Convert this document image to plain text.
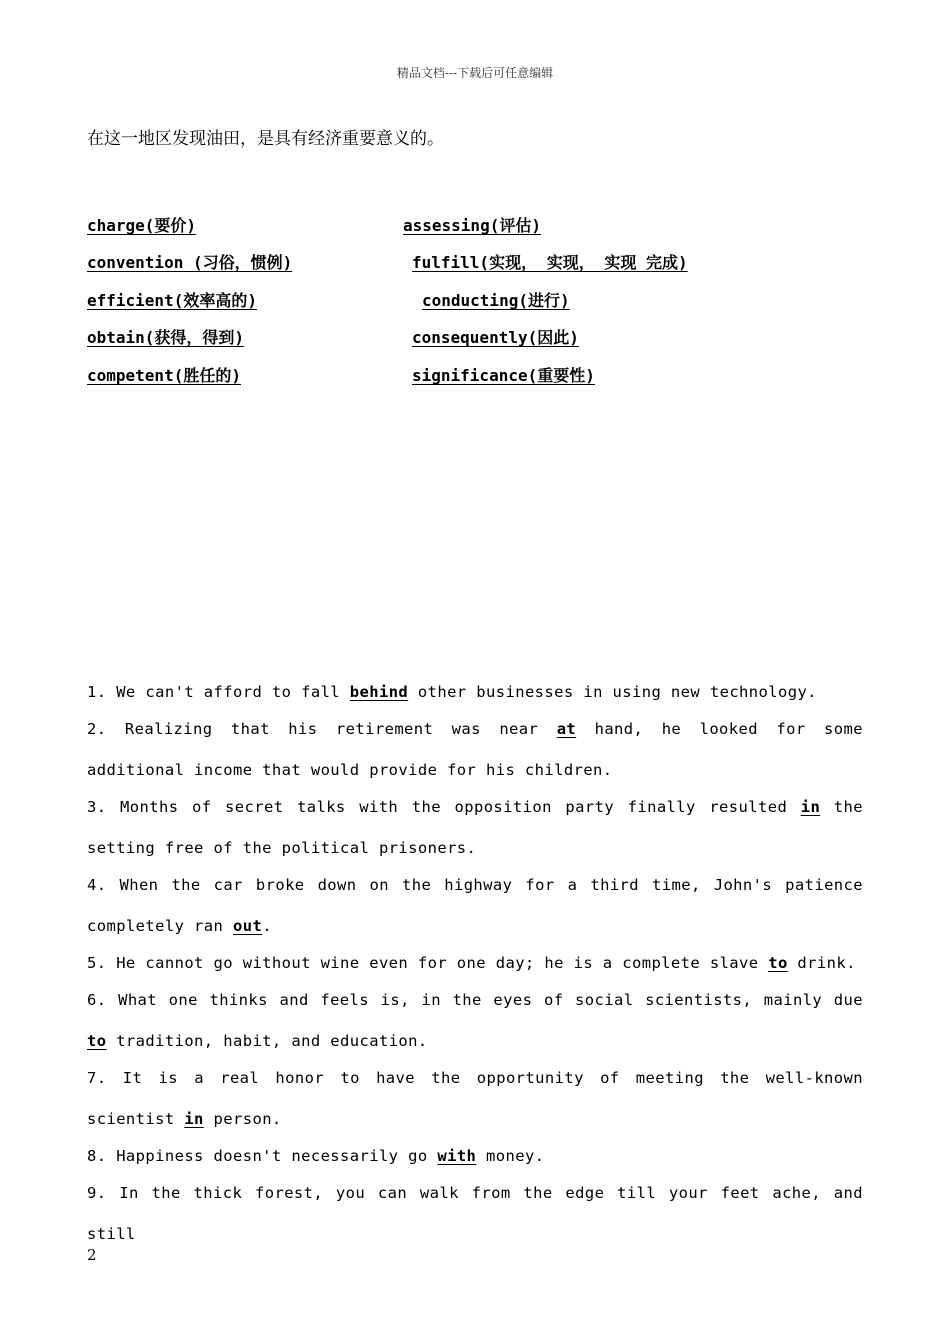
精品文档---下载后可任意编辑
在这一地区发现油田，是具有经济重要意义的。
charge(要价)
convention (习俗，惯例)
efficient(效率高的)
obtain(获得，得到)
competent(胜任的)
assessing(评估)
fulfill(实现， 实现， 实现 完成)
conducting(进行)
consequently(因此)
significance(重要性)

1. We can't afford to fall behind other businesses in using new technology.

2. Realizing that his retirement was near at hand, he looked for some additional income that would provide for his children.

3. Months of secret talks with the opposition party finally resulted in the setting free of the political prisoners.

4. When the car broke down on the highway for a third time, John's patience completely ran out.

5. He cannot go without wine even for one day; he is a complete slave to drink.

6. What one thinks and feels is, in the eyes of social scientists, mainly due to tradition, habit, and education.

7. It is a real honor to have the opportunity of meeting the well-known scientist in person.

8. Happiness doesn't necessarily go with money.

9. In the thick forest, you can walk from the edge till your feet ache, and still

2
